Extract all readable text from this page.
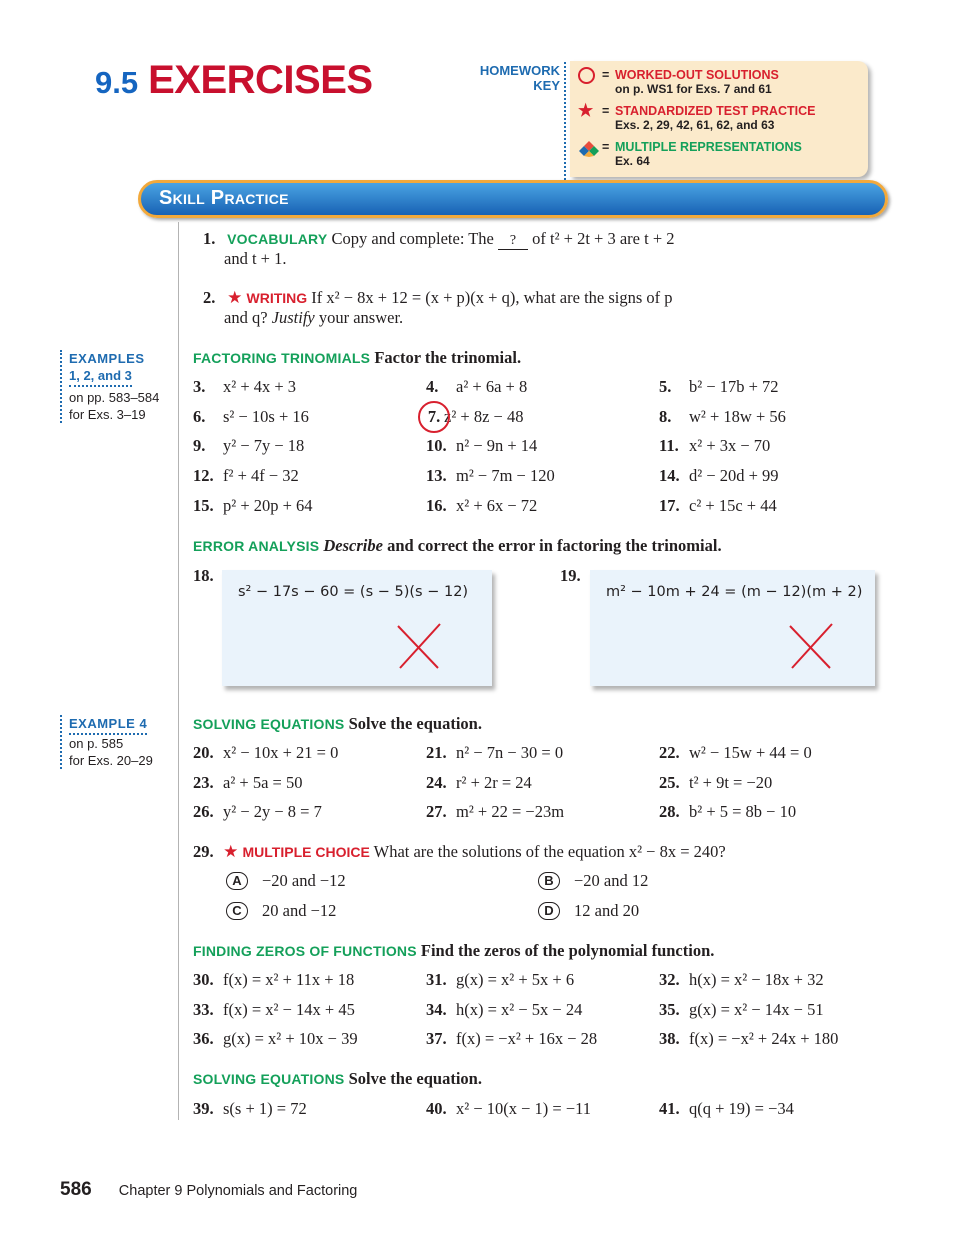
9.5 EXERCISES	HOMEWORK
KEY
= WORKED-OUT SOLUTIONS
on p. WS1 for Exs. 7 and 61
★ = STANDARDIZED TEST PRACTICE
Exs. 2, 29, 42, 61, 62, and 63
= MULTIPLE REPRESENTATIONS
Ex. 64
Skill Practice
EXAMPLES
1, 2, and 3
on pp. 583–584
for Exs. 3–19
EXAMPLE 4
on p. 585
for Exs. 20–29
1. VOCABULARY Copy and complete: The ? of t² + 2t + 3 are t + 2
and t + 1.
2. ★ WRITING If x² − 8x + 12 = (x + p)(x + q), what are the signs of p
and q? Justify your answer.
FACTORING TRINOMIALS Factor the trinomial.
3. x² + 4x + 3	4. a² + 6a + 8	5. b² − 17b + 72
6. s² − 10s + 16	7. z² + 8z − 48	8. w² + 18w + 56
9. y² − 7y − 18	10. n² − 9n + 14	11. x² + 3x − 70
12. f² + 4f − 32	13. m² − 7m − 120	14. d² − 20d + 99
15. p² + 20p + 64	16. x² + 6x − 72	17. c² + 15c + 44
ERROR ANALYSIS Describe and correct the error in factoring the trinomial.
18.
s² − 17s − 60 = (s − 5)(s − 12)
19.
m² − 10m + 24 = (m − 12)(m + 2)
SOLVING EQUATIONS Solve the equation.
20. x² − 10x + 21 = 0	21. n² − 7n − 30 = 0	22. w² − 15w + 44 = 0
23. a² + 5a = 50	24. r² + 2r = 24	25. t² + 9t = −20
26. y² − 2y − 8 = 7	27. m² + 22 = −23m	28. b² + 5 = 8b − 10
29. ★ MULTIPLE CHOICE What are the solutions of the equation x² − 8x = 240?
A −20 and −12	B −20 and 12
C 20 and −12	D 12 and 20
FINDING ZEROS OF FUNCTIONS Find the zeros of the polynomial function.
30. f(x) = x² + 11x + 18	31. g(x) = x² + 5x + 6	32. h(x) = x² − 18x + 32
33. f(x) = x² − 14x + 45	34. h(x) = x² − 5x − 24	35. g(x) = x² − 14x − 51
36. g(x) = x² + 10x − 39	37. f(x) = −x² + 16x − 28	38. f(x) = −x² + 24x + 180
SOLVING EQUATIONS Solve the equation.
39. s(s + 1) = 72	40. x² − 10(x − 1) = −11	41. q(q + 19) = −34
586 Chapter 9 Polynomials and Factoring
